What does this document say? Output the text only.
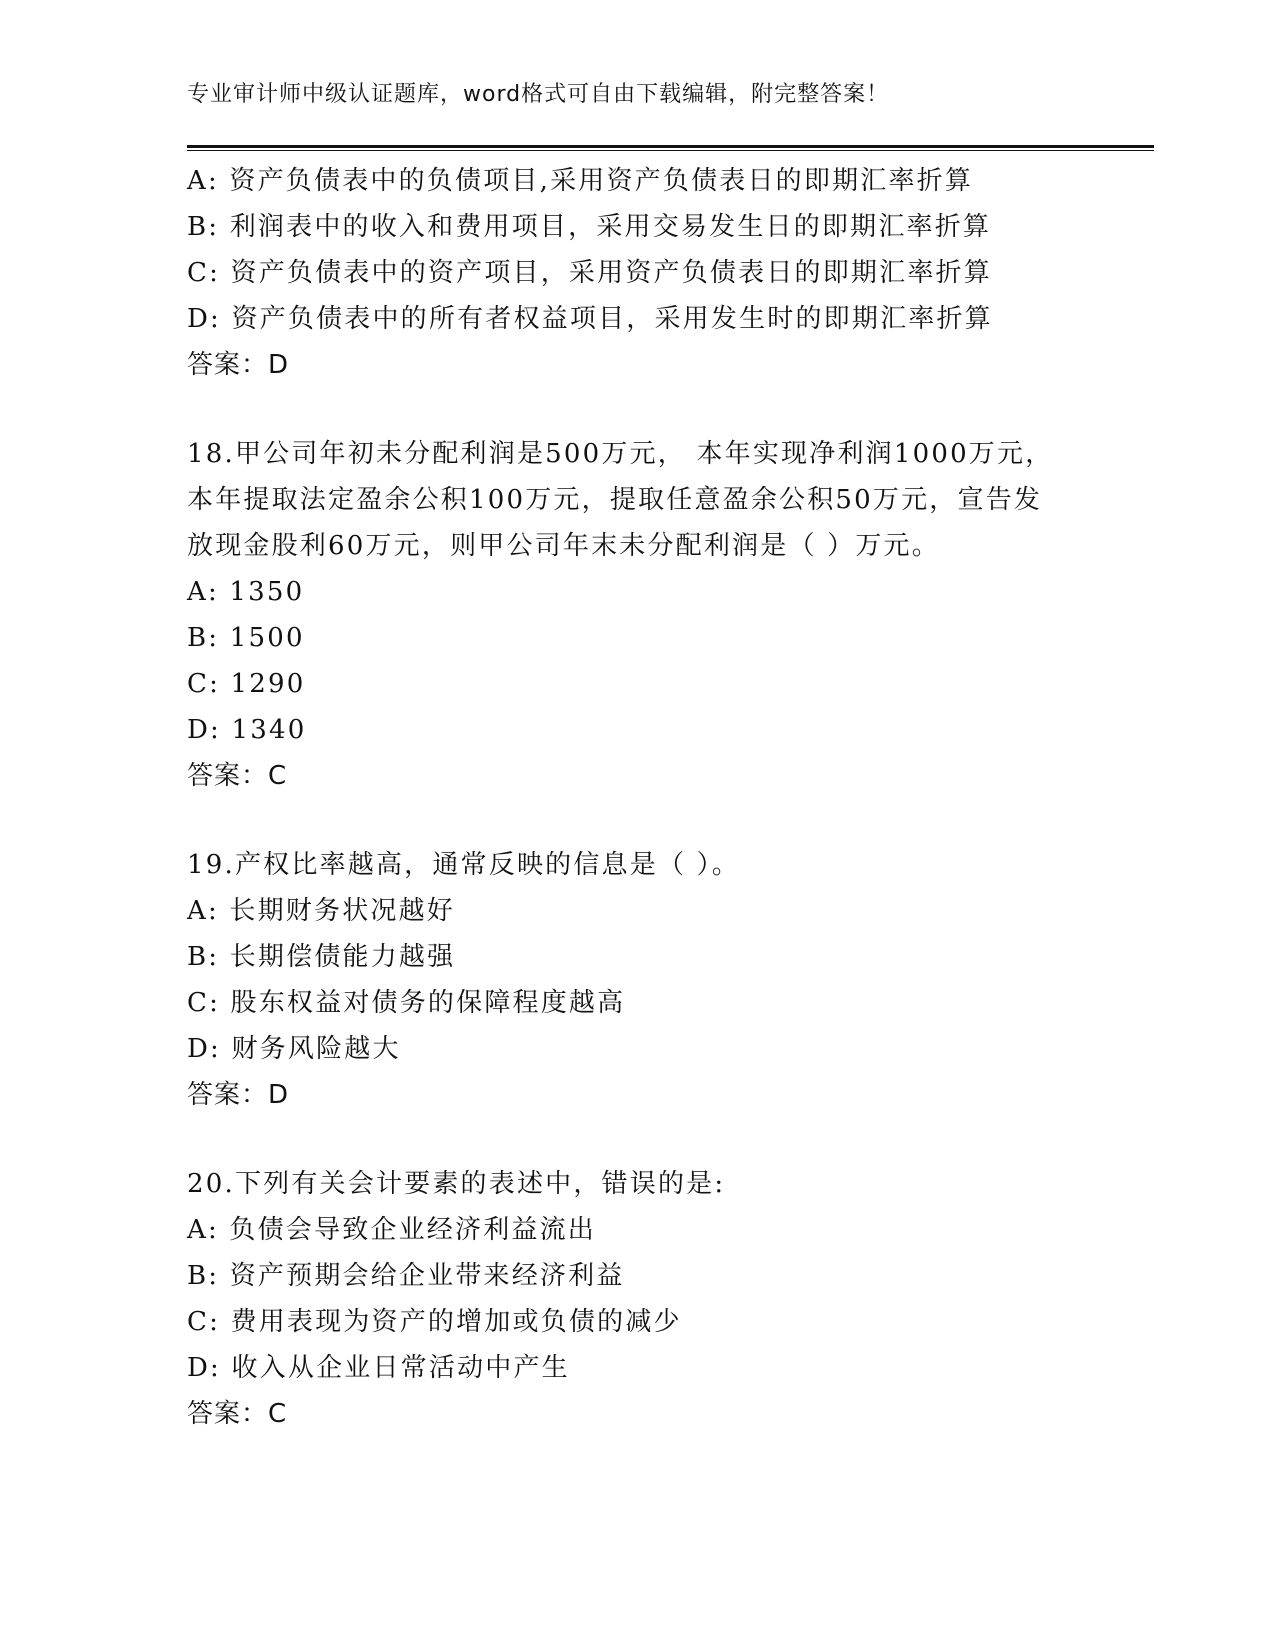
专业审计师中级认证题库，word格式可自由下载编辑，附完整答案！
A: 资产负债表中的负债项目,采用资产负债表日的即期汇率折算
B: 利润表中的收入和费用项目，采用交易发生日的即期汇率折算
C: 资产负债表中的资产项目，采用资产负债表日的即期汇率折算
D: 资产负债表中的所有者权益项目，采用发生时的即期汇率折算
答案：D
18.甲公司年初未分配利润是500万元， 本年实现净利润1000万元，
本年提取法定盈余公积100万元，提取任意盈余公积50万元，宣告发
放现金股利60万元，则甲公司年末未分配利润是（ ）万元。
A: 1350
B: 1500
C: 1290
D: 1340
答案：C
19.产权比率越高，通常反映的信息是（ ）。
A: 长期财务状况越好
B: 长期偿债能力越强
C: 股东权益对债务的保障程度越高
D: 财务风险越大
答案：D
20.下列有关会计要素的表述中，错误的是:
A: 负债会导致企业经济利益流出
B: 资产预期会给企业带来经济利益
C: 费用表现为资产的增加或负债的减少
D: 收入从企业日常活动中产生
答案：C
